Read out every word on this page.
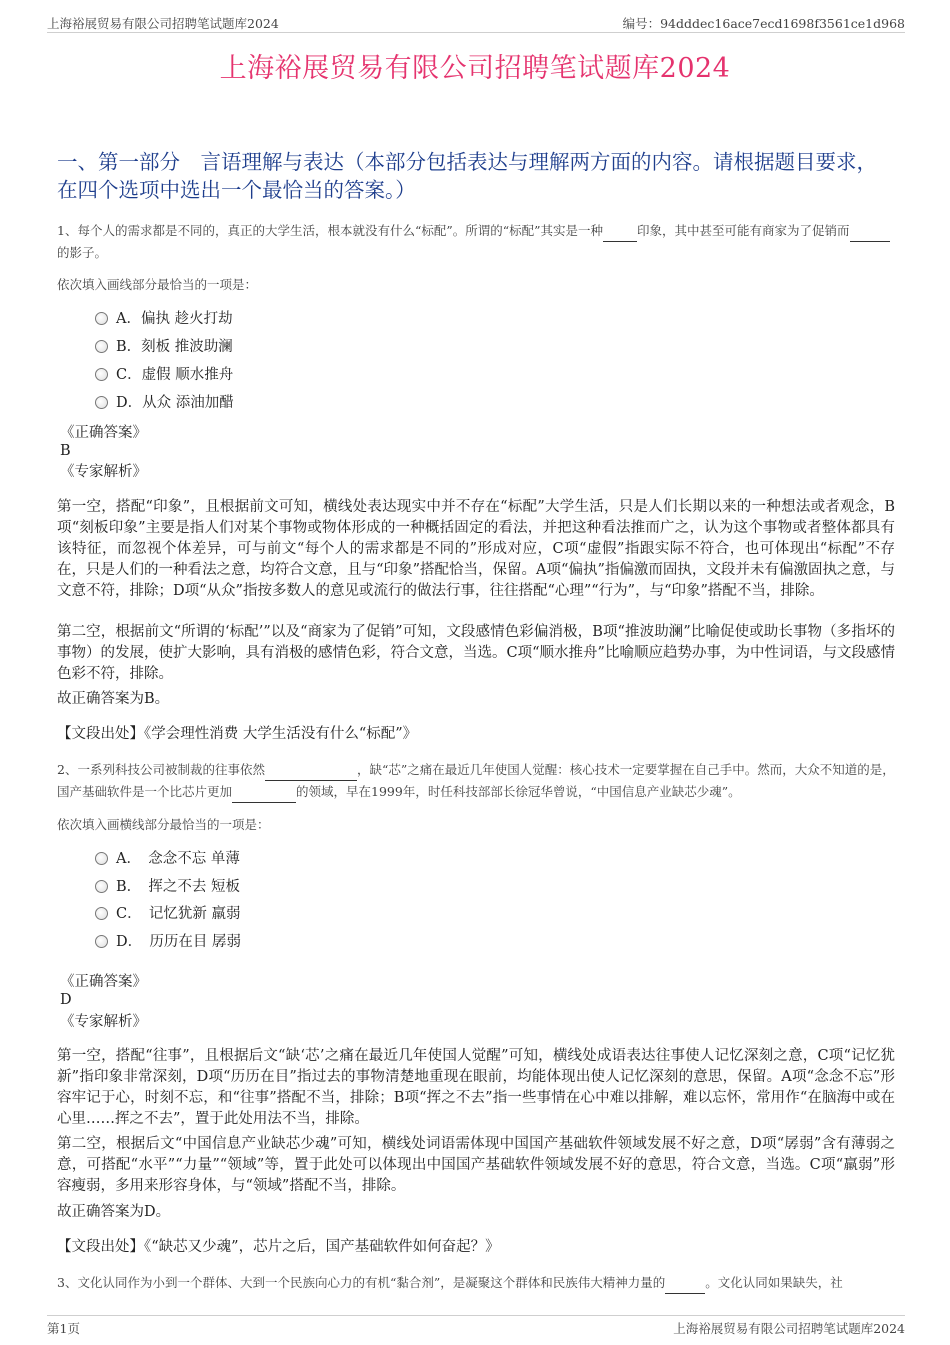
上海裕展贸易有限公司招聘笔试题库2024	编号：94dddec16ace7ecd1698f3561ce1d968
上海裕展贸易有限公司招聘笔试题库2024
一、第一部分　言语理解与表达（本部分包括表达与理解两方面的内容。请根据题目要求，在四个选项中选出一个最恰当的答案。）
1、每个人的需求都是不同的，真正的大学生活，根本就没有什么“标配”。所谓的“标配”其实是一种	印象，其中甚至可能有商家为了促销而 的影子。
依次填入画线部分最恰当的一项是：
A．偏执 趁火打劫
B．刻板 推波助澜
C．虚假 顺水推舟
D．从众 添油加醋
《正确答案》
B
《专家解析》
第一空，搭配“印象”，且根据前文可知，横线处表达现实中并不存在“标配”大学生活，只是人们长期以来的一种想法或者观念，B项“刻板印象”主要是指人们对某个事物或物体形成的一种概括固定的看法，并把这种看法推而广之，认为这个事物或者整体都具有该特征，而忽视个体差异，可与前文“每个人的需求都是不同的”形成对应，C项“虚假”指跟实际不符合，也可体现出“标配”不存在，只是人们的一种看法之意，均符合文意，且与“印象”搭配恰当，保留。A项“偏执”指偏激而固执，文段并未有偏激固执之意，与文意不符，排除；D项“从众”指按多数人的意见或流行的做法行事，往往搭配“心理”“行为”，与“印象”搭配不当，排除。
第二空，根据前文“所谓的‘标配’”以及“商家为了促销”可知，文段感情色彩偏消极，B项“推波助澜”比喻促使或助长事物（多指坏的事物）的发展，使扩大影响，具有消极的感情色彩，符合文意，当选。C项“顺水推舟”比喻顺应趋势办事，为中性词语，与文段感情色彩不符，排除。
故正确答案为B。
【文段出处】《学会理性消费 大学生活没有什么“标配”》
2、一系列科技公司被制裁的往事依然	，缺“芯”之痛在最近几年使国人觉醒：核心技术一定要掌握在自己手中。然而，大众不知道的是，国产基础软件是一个比芯片更加	的领域，早在1999年，时任科技部部长徐冠华曾说，“中国信息产业缺芯少魂”。
依次填入画横线部分最恰当的一项是：
A．　念念不忘 单薄
B．　挥之不去 短板
C．　记忆犹新 羸弱
D．　历历在目 孱弱
《正确答案》
D
《专家解析》
第一空，搭配“往事”，且根据后文“缺‘芯’之痛在最近几年使国人觉醒”可知，横线处成语表达往事使人记忆深刻之意，C项“记忆犹新”指印象非常深刻，D项“历历在目”指过去的事物清楚地重现在眼前，均能体现出使人记忆深刻的意思，保留。A项“念念不忘”形容牢记于心，时刻不忘，和“往事”搭配不当，排除；B项“挥之不去”指一些事情在心中难以排解，难以忘怀，常用作“在脑海中或在心里……挥之不去”，置于此处用法不当，排除。
第二空，根据后文“中国信息产业缺芯少魂”可知，横线处词语需体现中国国产基础软件领域发展不好之意，D项“孱弱”含有薄弱之意，可搭配“水平”“力量”“领域”等，置于此处可以体现出中国国产基础软件领域发展不好的意思，符合文意，当选。C项“羸弱”形容瘦弱，多用来形容身体，与“领域”搭配不当，排除。
故正确答案为D。
【文段出处】《“缺芯又少魂”，芯片之后，国产基础软件如何奋起？》
3、文化认同作为小到一个群体、大到一个民族向心力的有机“黏合剂”，是凝聚这个群体和民族伟大精神力量的	。文化认同如果缺失，社
第1页	上海裕展贸易有限公司招聘笔试题库2024
